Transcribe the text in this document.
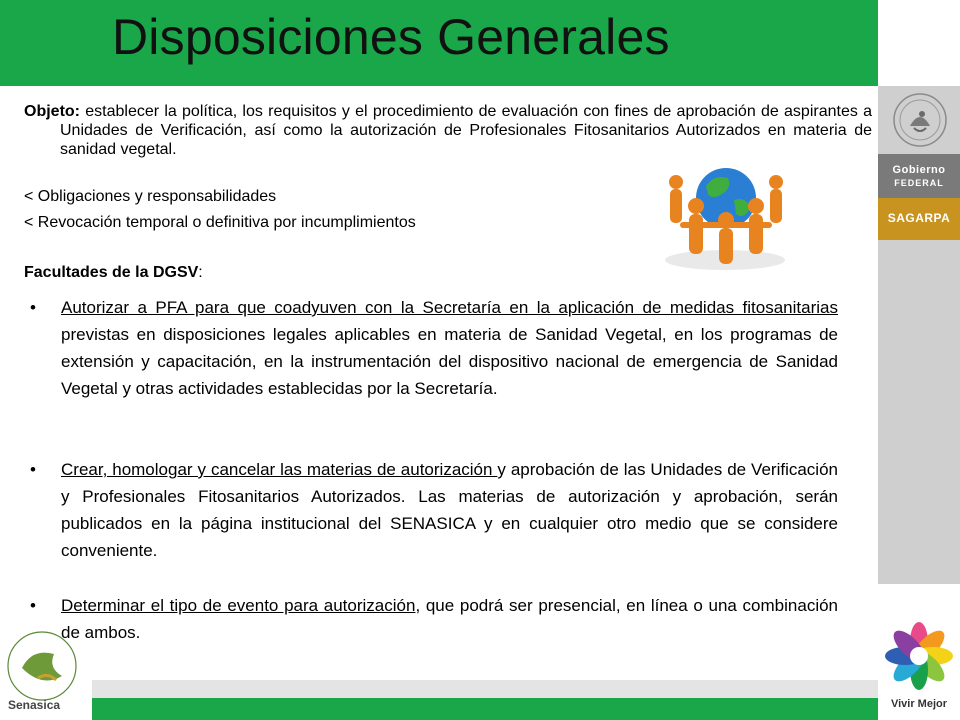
Disposiciones Generales
Gobierno
FEDERAL
SAGARPA
Vivir Mejor
Senasica
Objeto: establecer la política, los requisitos y el procedimiento de evaluación con fines de aprobación de aspirantes a Unidades de Verificación, así como la autorización de Profesionales Fitosanitarios Autorizados en materia de sanidad vegetal.
< Obligaciones y responsabilidades
< Revocación temporal o definitiva por incumplimientos
Facultades de la DGSV:
• Autorizar a PFA para que coadyuven con la Secretaría en la aplicación de medidas fitosanitarias previstas en disposiciones legales aplicables en materia de Sanidad Vegetal, en los programas de extensión y capacitación, en la instrumentación del dispositivo nacional de emergencia de Sanidad Vegetal y otras actividades establecidas por la Secretaría.
• Crear, homologar y cancelar las materias de autorización y aprobación de las Unidades de Verificación y Profesionales Fitosanitarios Autorizados. Las materias de autorización y aprobación, serán publicados en la página institucional del SENASICA y en cualquier otro medio que se considere conveniente.
• Determinar el tipo de evento para autorización, que podrá ser presencial, en línea o una combinación de ambos.
